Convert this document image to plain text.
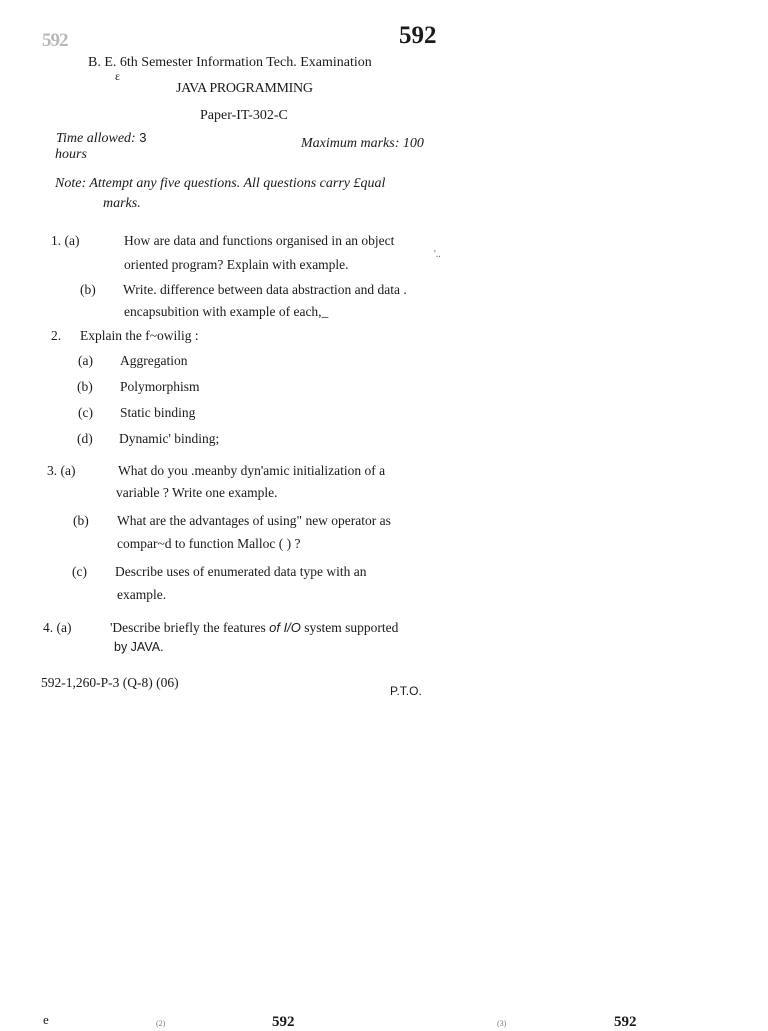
592	592
B. E. 6th Semester Information Tech. Examination
ε
JAVA PROGRAMMING
Paper-IT-302-C
Time allowed: 3
hours
Maximum marks: 100
Note: Attempt any five questions. All questions carry £qual
marks.
1. (a)	How are data and functions organised in an object
oriented program? Explain with example.
'..
(b) Write. difference between data abstraction and data .
encapsubition with example of each,_
2. Explain the f~owilig :
(a) Aggregation
(b) Polymorphism
(c) Static binding
(d) Dynamic' binding;
3. (a)	What do you .meanby dyn'amic initialization of a
variable ? Write one example.
(b) What are the advantages of using" new operator as
compar~d to function Malloc ( ) ?
(c) Describe uses of enumerated data type with an
example.
4. (a)	'Describe briefly the features of I/O system supported
by JAVA.
592-1,260-P-3 (Q-8) (06)
P.T.O.
e	(2)	592	(3)	592
